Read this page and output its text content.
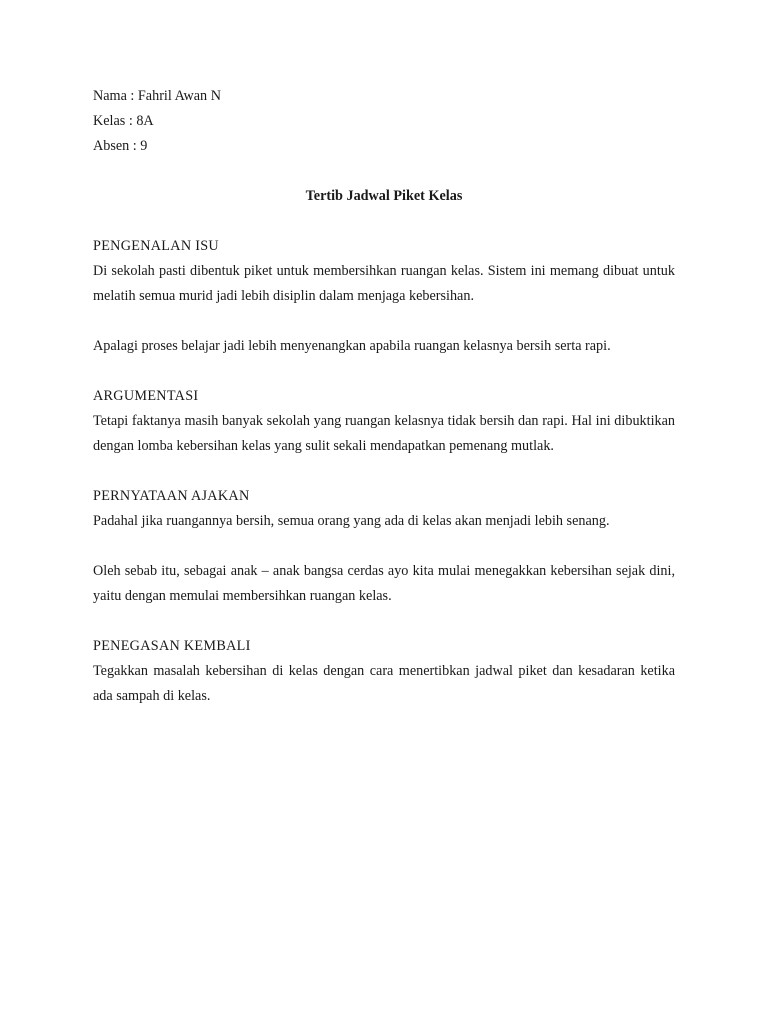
Nama : Fahril Awan N
Kelas : 8A
Absen : 9
Tertib Jadwal Piket Kelas
PENGENALAN ISU
Di sekolah pasti dibentuk piket untuk membersihkan ruangan kelas. Sistem ini memang dibuat untuk melatih semua murid jadi lebih disiplin dalam menjaga kebersihan.
Apalagi proses belajar jadi lebih menyenangkan apabila ruangan kelasnya bersih serta rapi.
ARGUMENTASI
Tetapi faktanya masih banyak sekolah yang ruangan kelasnya tidak bersih dan rapi. Hal ini dibuktikan dengan lomba kebersihan kelas yang sulit sekali mendapatkan pemenang mutlak.
PERNYATAAN AJAKAN
Padahal jika ruangannya bersih, semua orang yang ada di kelas akan menjadi lebih senang.
Oleh sebab itu, sebagai anak – anak bangsa cerdas ayo kita mulai menegakkan kebersihan sejak dini, yaitu dengan memulai membersihkan ruangan kelas.
PENEGASAN KEMBALI
Tegakkan masalah kebersihan di kelas dengan cara menertibkan jadwal piket dan kesadaran ketika ada sampah di kelas.
